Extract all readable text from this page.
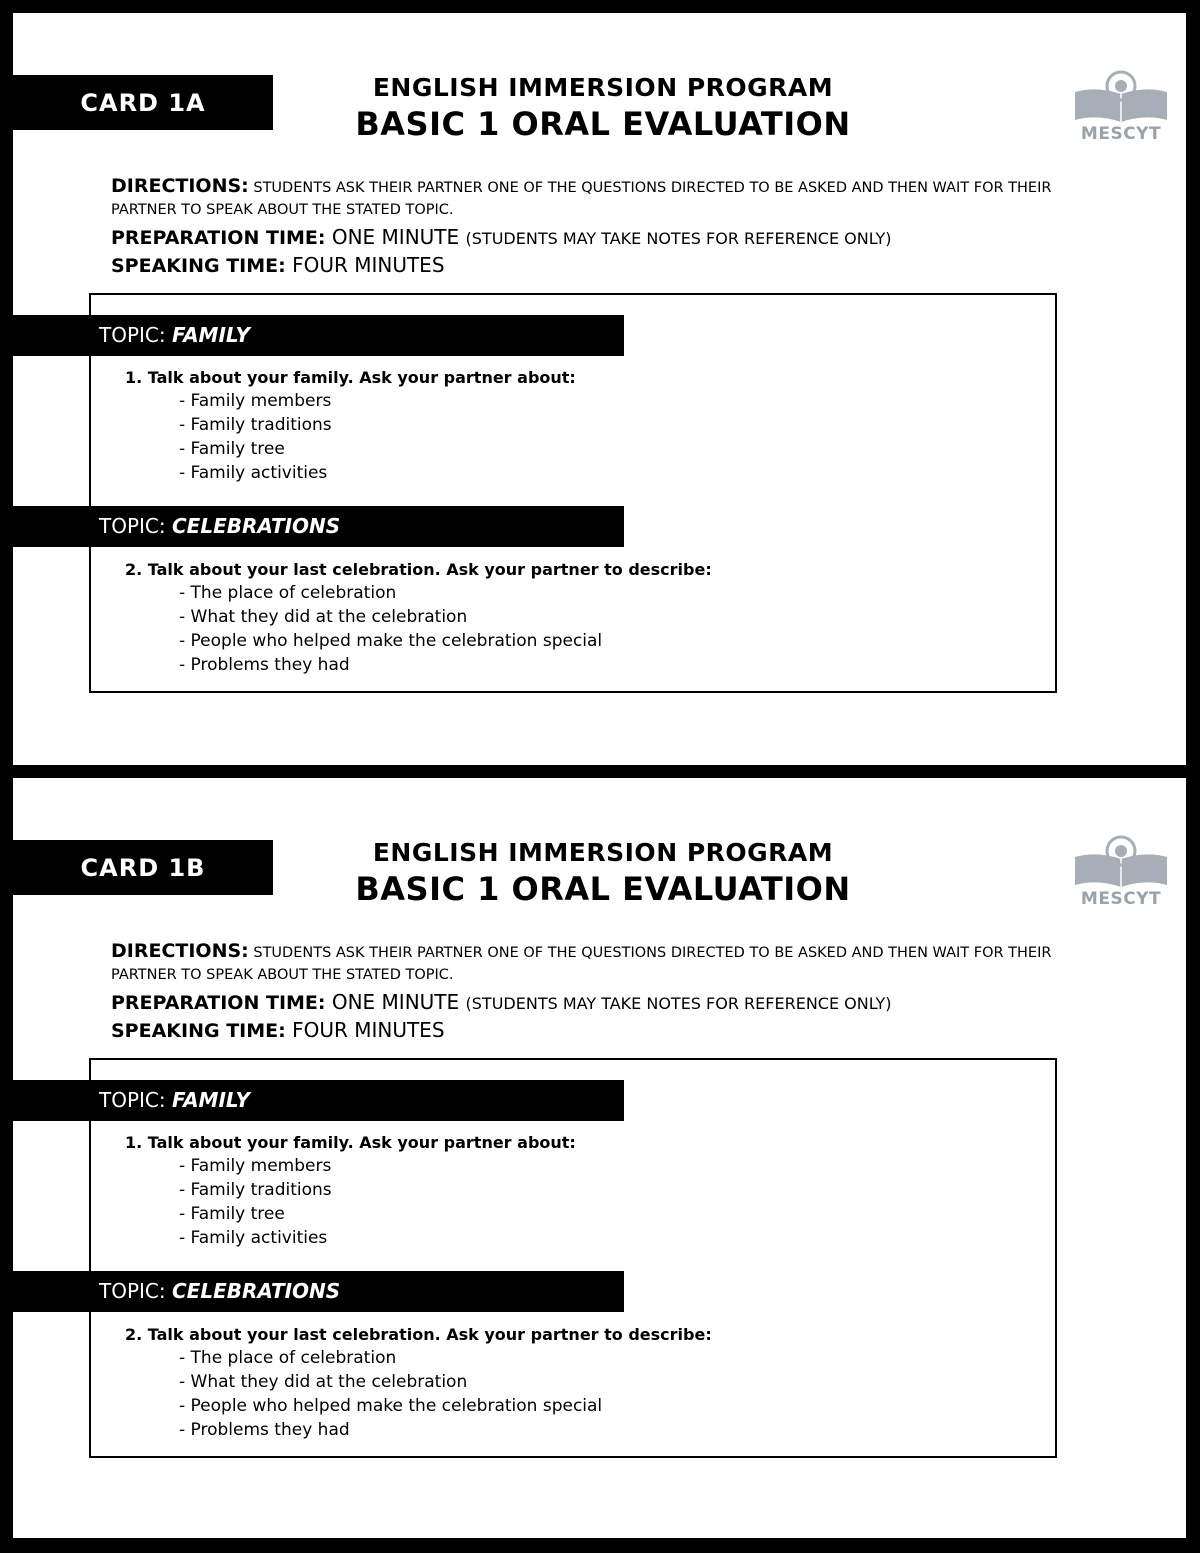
CARD 1A
ENGLISH IMMERSION PROGRAM
BASIC 1 ORAL EVALUATION	MESCYT
DIRECTIONS: STUDENTS ASK THEIR PARTNER ONE OF THE QUESTIONS DIRECTED TO BE ASKED AND THEN WAIT FOR THEIR PARTNER TO SPEAK ABOUT THE STATED TOPIC.
PREPARATION TIME: ONE MINUTE (STUDENTS MAY TAKE NOTES FOR REFERENCE ONLY)
SPEAKING TIME: FOUR MINUTES
TOPIC: FAMILY
1. Talk about your family. Ask your partner about:
- Family members
- Family traditions
- Family tree
- Family activities
TOPIC: CELEBRATIONS
2. Talk about your last celebration. Ask your partner to describe:
- The place of celebration
- What they did at the celebration
- People who helped make the celebration special
- Problems they had
CARD 1B
ENGLISH IMMERSION PROGRAM
BASIC 1 ORAL EVALUATION	MESCYT
DIRECTIONS: STUDENTS ASK THEIR PARTNER ONE OF THE QUESTIONS DIRECTED TO BE ASKED AND THEN WAIT FOR THEIR PARTNER TO SPEAK ABOUT THE STATED TOPIC.
PREPARATION TIME: ONE MINUTE (STUDENTS MAY TAKE NOTES FOR REFERENCE ONLY)
SPEAKING TIME: FOUR MINUTES
TOPIC: FAMILY
1. Talk about your family. Ask your partner about:
- Family members
- Family traditions
- Family tree
- Family activities
TOPIC: CELEBRATIONS
2. Talk about your last celebration. Ask your partner to describe:
- The place of celebration
- What they did at the celebration
- People who helped make the celebration special
- Problems they had
